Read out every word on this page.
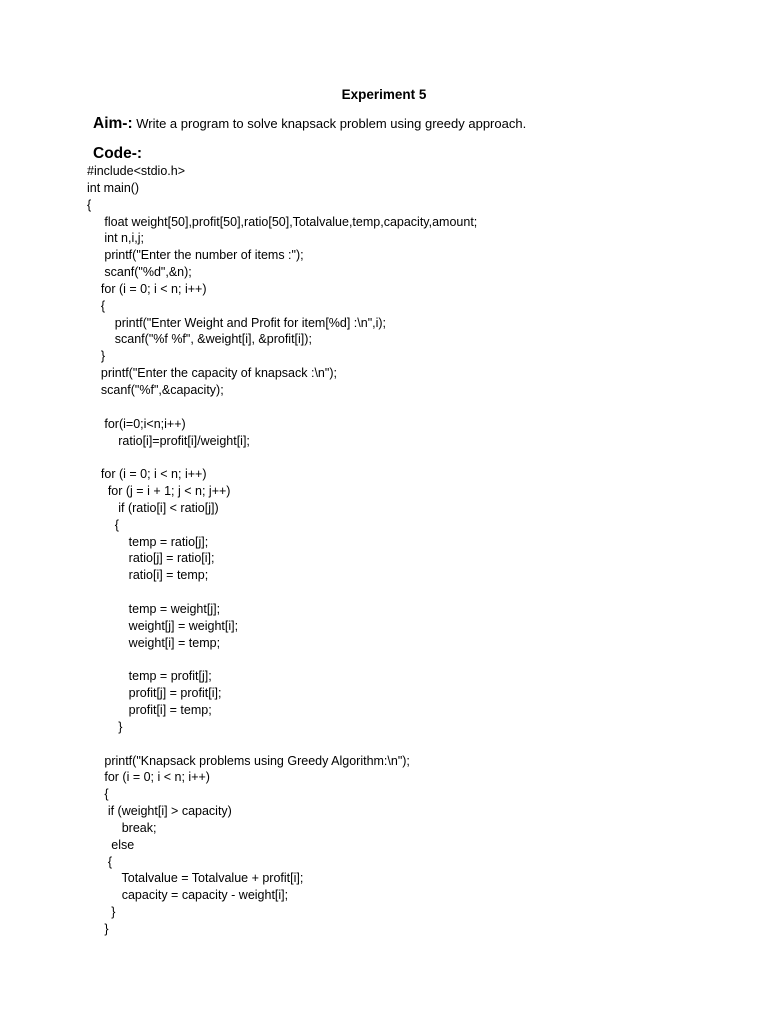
Experiment 5
Aim-: Write a program to solve knapsack problem using greedy approach.
Code-:
#include<stdio.h>
int main()
{
float weight[50],profit[50],ratio[50],Totalvalue,temp,capacity,amount;
int n,i,j;
printf("Enter the number of items :");
scanf("%d",&n);
for (i = 0; i < n; i++)
{
printf("Enter Weight and Profit for item[%d] :\n",i);
scanf("%f %f", &weight[i], &profit[i]);
}
printf("Enter the capacity of knapsack :\n");
scanf("%f",&capacity);
for(i=0;i<n;i++)
ratio[i]=profit[i]/weight[i];
for (i = 0; i < n; i++)
for (j = i + 1; j < n; j++)
if (ratio[i] < ratio[j])
{
temp = ratio[j];
ratio[j] = ratio[i];
ratio[i] = temp;
temp = weight[j];
weight[j] = weight[i];
weight[i] = temp;
temp = profit[j];
profit[j] = profit[i];
profit[i] = temp;
}
printf("Knapsack problems using Greedy Algorithm:\n");
for (i = 0; i < n; i++)
{
if (weight[i] > capacity)
break;
else
{
Totalvalue = Totalvalue + profit[i];
capacity = capacity - weight[i];
}
}
